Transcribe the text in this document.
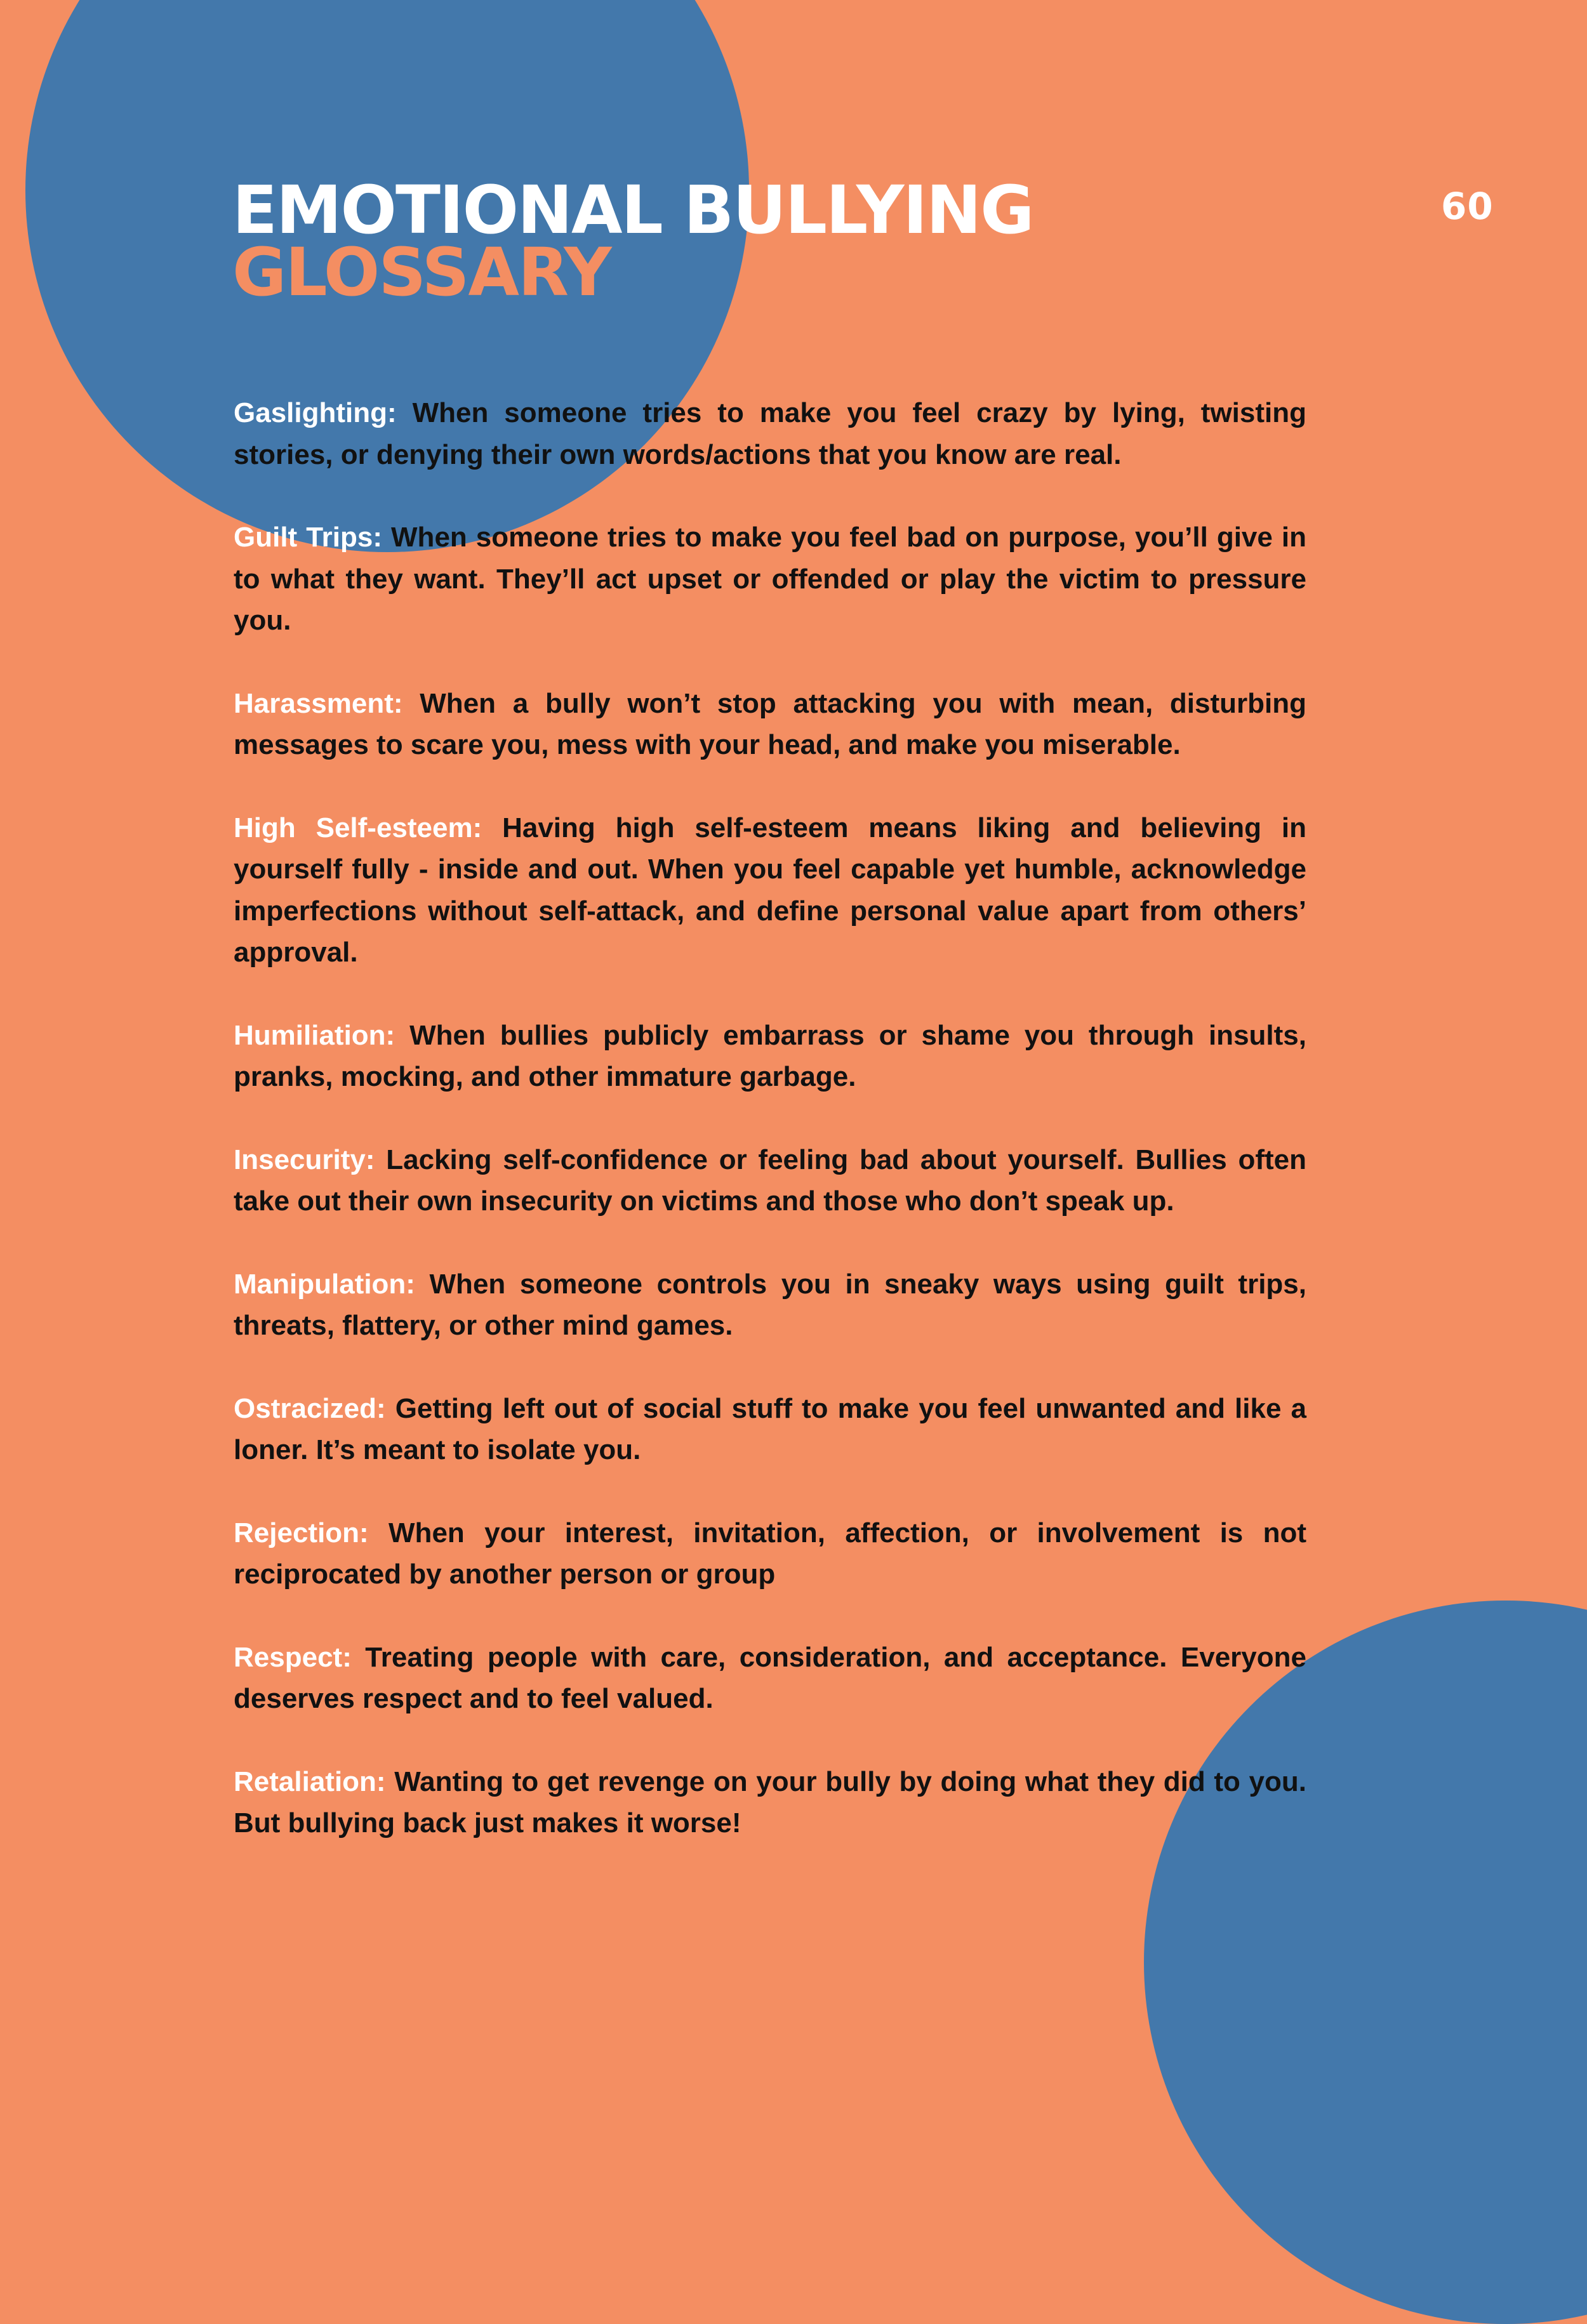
EMOTIONAL BULLYING
GLOSSARY
60
Gaslighting: When someone tries to make you feel crazy by lying, twisting stories, or denying their own words/actions that you know are real.
Guilt Trips: When someone tries to make you feel bad on purpose, you’ll give in to what they want. They’ll act upset or offended or play the victim to pressure you.
Harassment: When a bully won’t stop attacking you with mean, disturbing messages to scare you, mess with your head, and make you miserable.
High Self-esteem: Having high self-esteem means liking and believing in yourself fully - inside and out. When you feel capable yet humble, acknowledge imperfections without self-attack, and define personal value apart from others’ approval.
Humiliation: When bullies publicly embarrass or shame you through insults, pranks, mocking, and other immature garbage.
Insecurity: Lacking self-confidence or feeling bad about yourself. Bullies often take out their own insecurity on victims and those who don’t speak up.
Manipulation: When someone controls you in sneaky ways using guilt trips, threats, flattery, or other mind games.
Ostracized: Getting left out of social stuff to make you feel unwanted and like a loner. It’s meant to isolate you.
Rejection: When your interest, invitation, affection, or involvement is not reciprocated by another person or group
Respect: Treating people with care, consideration, and acceptance. Everyone deserves respect and to feel valued.
Retaliation: Wanting to get revenge on your bully by doing what they did to you. But bullying back just makes it worse!
